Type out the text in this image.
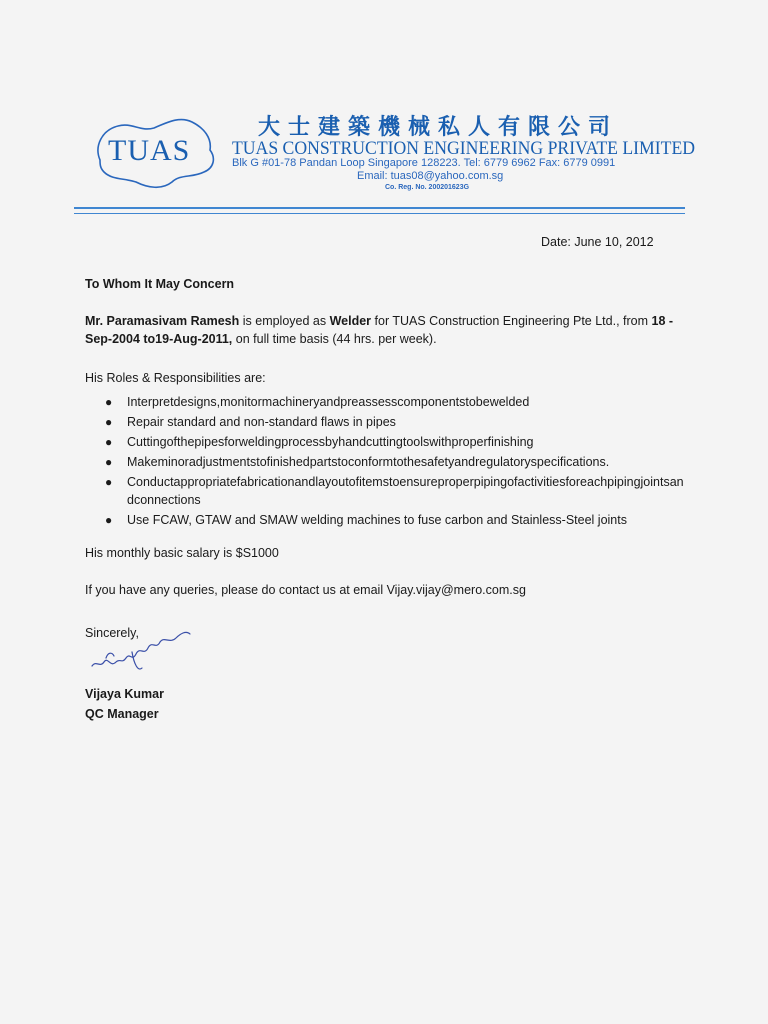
TUAS
大士建築機械私人有限公司
TUAS CONSTRUCTION ENGINEERING PRIVATE LIMITED
Blk G #01-78 Pandan Loop Singapore 128223. Tel: 6779 6962 Fax: 6779 0991
Email: tuas08@yahoo.com.sg
Co. Reg. No. 200201623G
Date: June 10, 2012
To Whom It May Concern
Mr. Paramasivam Ramesh is employed as Welder for TUAS Construction Engineering Pte Ltd., from 18 - Sep-2004 to19-Aug-2011, on full time basis (44 hrs. per week).
His Roles & Responsibilities are:
● Interpretdesigns,monitormachineryandpreassesscomponentstobewelded
● Repair standard and non-standard flaws in pipes
● Cuttingofthepipesforweldingprocessbyhandcuttingtoolswithproperfinishing
● Makeminoradjustmentstofinishedpartstoconformtothesafetyandregulatoryspecifications.
● Conductappropriatefabricationandlayoutofitemstoensureproperpipingofactivitiesforeachpipingjointsandconnections
● Use FCAW, GTAW and SMAW welding machines to fuse carbon and Stainless-Steel joints
His monthly basic salary is $S1000
If you have any queries, please do contact us at email Vijay.vijay@mero.com.sg
Sincerely,
Vijaya Kumar
QC Manager
